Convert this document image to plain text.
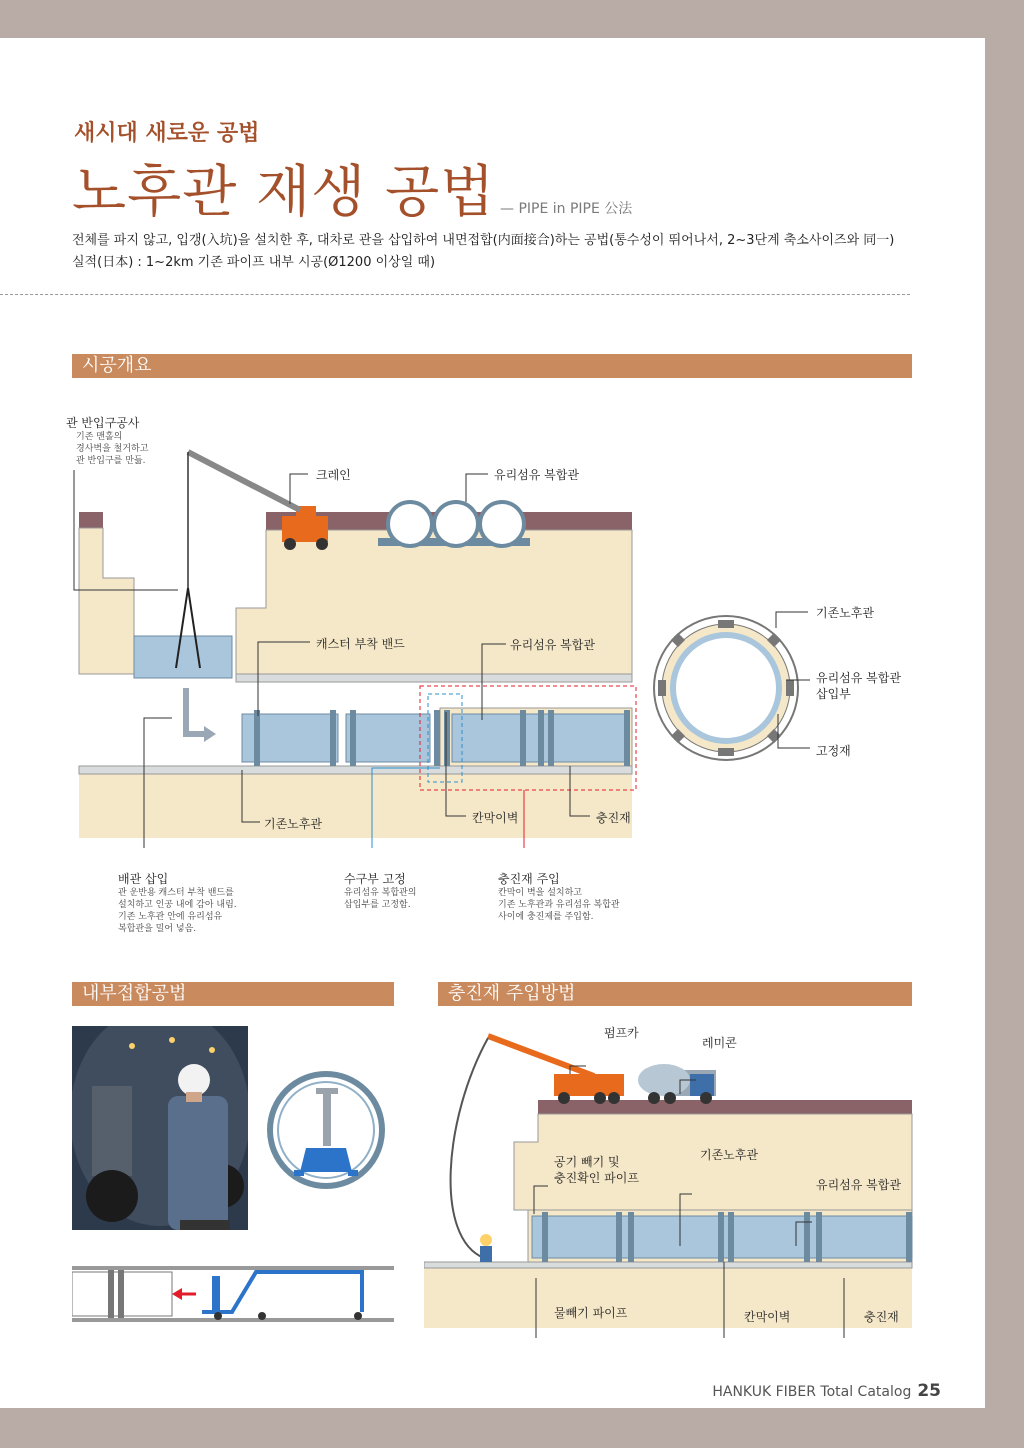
새시대 새로운 공법
노후관 재생 공법 — PIPE in PIPE 公法
전체를 파지 않고, 입갱(入坑)을 설치한 후, 대차로 관을 삽입하여 내면접합(内面接合)하는 공법(통수성이 뛰어나서, 2~3단계 축소사이즈와 同一)
실적(日本) : 1~2km 기존 파이프 내부 시공(Ø1200 이상일 때)
시공개요
관 반입구공사
기존 맨홀의
경사벽을 철거하고
관 반입구를 만듦.
크레인	유리섬유 복합관
캐스터 부착 밴드	유리섬유 복합관
기존노후관	칸막이벽	충진재
기존노후관
유리섬유 복합관
삽입부
고정재
배관 삽입
관 운반용 캐스터 부착 밴드를
설치하고 인공 내에 감아 내림.
기존 노후관 안에 유리섬유
복합관을 밀어 넣음.
수구부 고정
유리섬유 복합관의
삽입부를 고정함.
충진재 주입
칸막이 벽을 설치하고
기존 노후관과 유리섬유 복합관
사이에 충진제를 주입함.
내부접합공법	충진재 주입방법
펌프카
레미콘
공기 빼기 및
충진확인 파이프
기존노후관
유리섬유 복합관
물빼기 파이프	칸막이벽	충진재
HANKUK FIBER Total Catalog 25
